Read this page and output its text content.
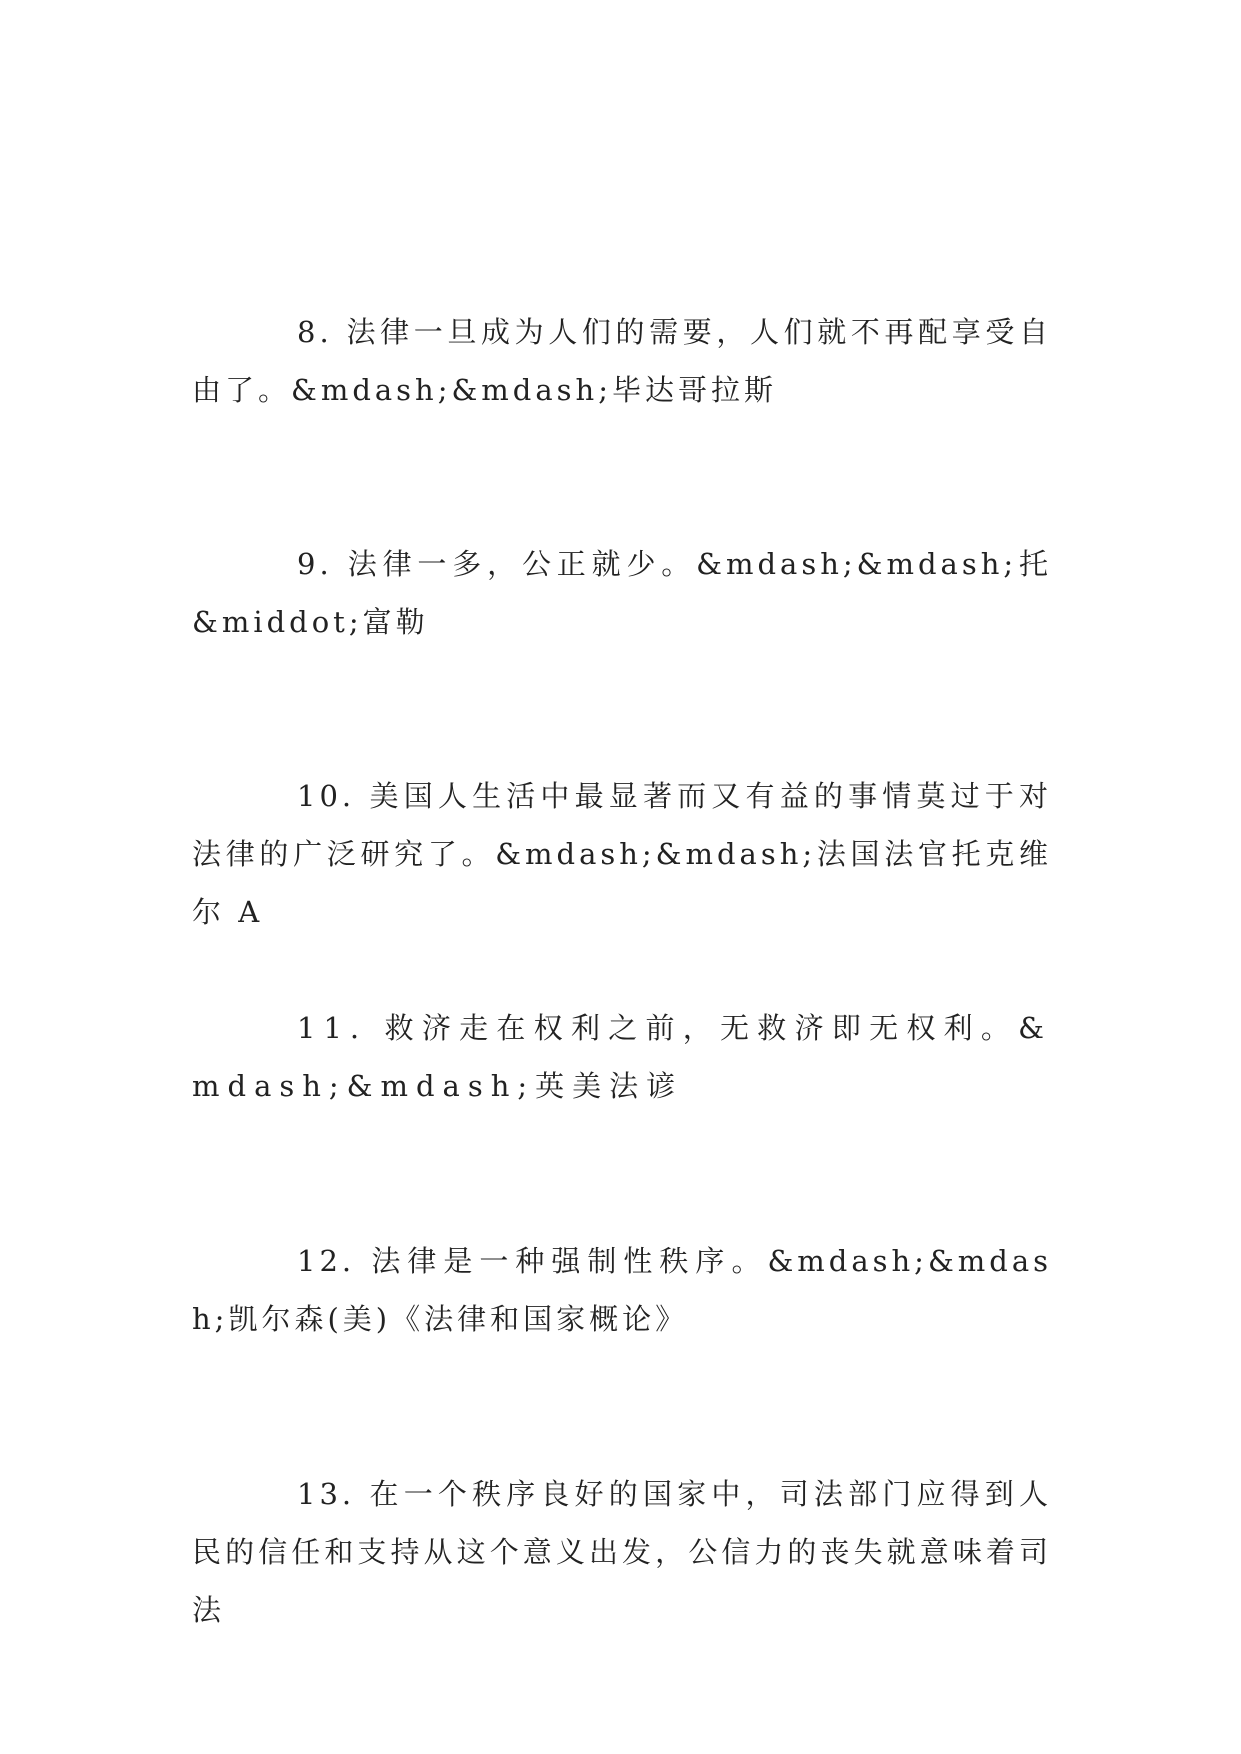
8. 法律一旦成为人们的需要，人们就不再配享受自由了。&mdash;&mdash;毕达哥拉斯

9. 法律一多，公正就少。&mdash;&mdash;托&middot;富勒

10. 美国人生活中最显著而又有益的事情莫过于对法律的广泛研究了。&mdash;&mdash;法国法官托克维尔 A

11. 救济走在权利之前，无救济即无权利。&mdash;&mdash;英美法谚

12. 法律是一种强制性秩序。&mdash;&mdash;凯尔森(美)《法律和国家概论》

13. 在一个秩序良好的国家中，司法部门应得到人民的信任和支持从这个意义出发，公信力的丧失就意味着司法
